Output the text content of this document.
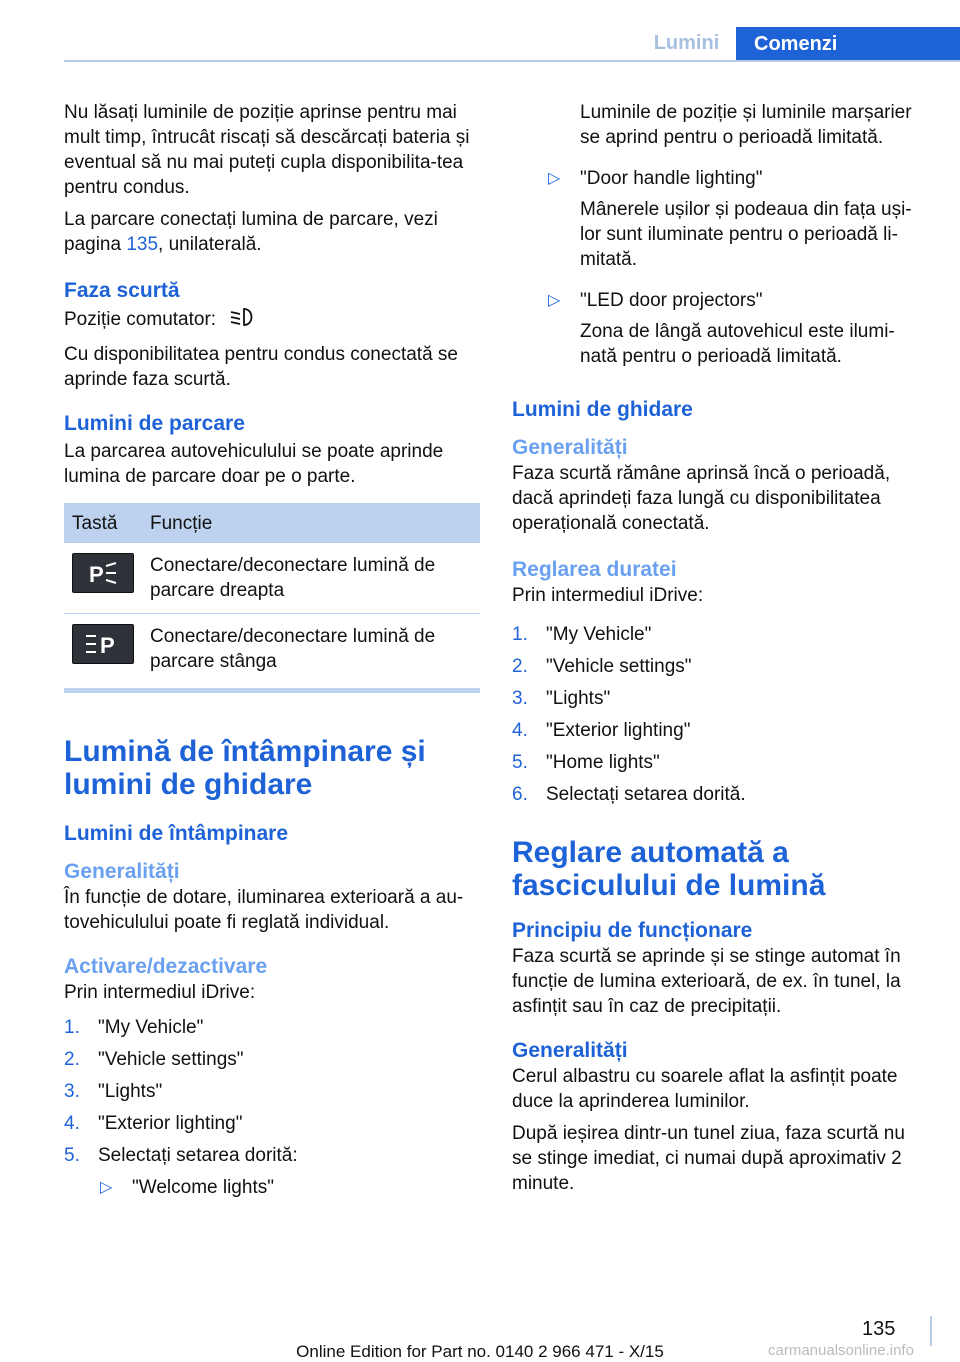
Lumini	Comenzi

Nu lăsați luminile de poziție aprinse pentru mai mult timp, întrucât riscați să descărcați bateria și eventual să nu mai puteți cupla disponibilita-tea pentru condus.

La parcare conectați lumina de parcare, vezi pagina 135, unilaterală.

Faza scurtă

Poziție comutator:

Cu disponibilitatea pentru condus conectată se aprinde faza scurtă.

Lumini de parcare

La parcarea autovehiculului se poate aprinde lumina de parcare doar pe o parte.

Tastă	Funcție

P	Conectare/deconectare lumină de parcare dreapta

P	Conectare/deconectare lumină de parcare stânga
Lumină de întâmpinare și lumini de ghidare
Lumini de întâmpinare
Generalități

În funcție de dotare, iluminarea exterioară a au-tovehiculului poate fi reglată individual.

Activare/dezactivare

Prin intermediul iDrive:

1. "My Vehicle"
2. "Vehicle settings"
3. "Lights"
4. "Exterior lighting"
5. Selectați setarea dorită:
▷ "Welcome lights"

Luminile de poziție și luminile marșarier se aprind pentru o perioadă limitată.

▷ "Door handle lighting"
Mânerele ușilor și podeaua din fața uși-lor sunt iluminate pentru o perioadă li-mitată.
▷ "LED door projectors"
Zona de lângă autovehicul este ilumi-nată pentru o perioadă limitată.
Lumini de ghidare
Generalități

Faza scurtă rămâne aprinsă încă o perioadă, dacă aprindeți faza lungă cu disponibilitatea operațională conectată.

Reglarea duratei

Prin intermediul iDrive:

1. "My Vehicle"
2. "Vehicle settings"
3. "Lights"
4. "Exterior lighting"
5. "Home lights"
6. Selectați setarea dorită.
Reglare automată a fasciculului de lumină
Principiu de funcționare

Faza scurtă se aprinde și se stinge automat în funcție de lumina exterioară, de ex. în tunel, la asfințit sau în caz de precipitații.

Generalități

Cerul albastru cu soarele aflat la asfințit poate duce la aprinderea luminilor.

După ieșirea dintr-un tunel ziua, faza scurtă nu se stinge imediat, ci numai după aproximativ 2 minute.

135
Online Edition for Part no. 0140 2 966 471 - X/15	carmanualsonline.info
